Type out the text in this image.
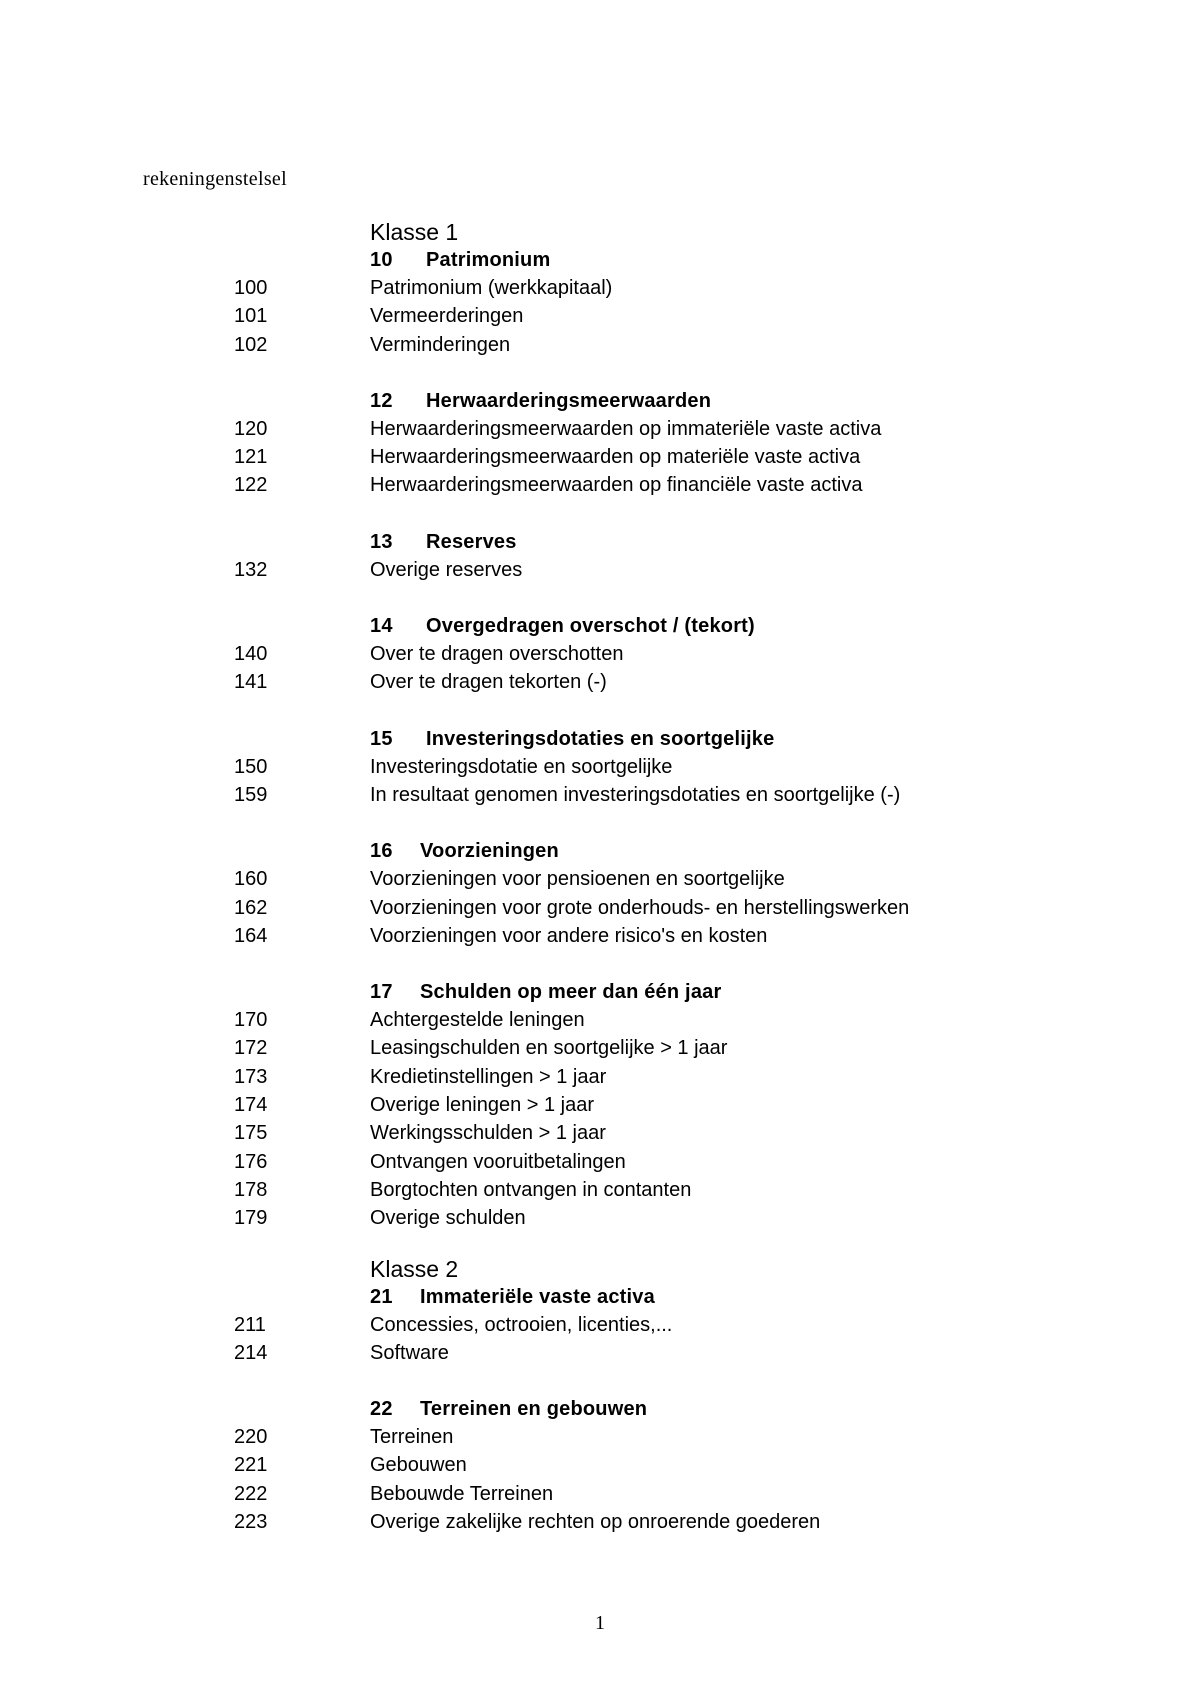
rekeningenstelsel
Klasse 1
10	Patrimonium
100	Patrimonium (werkkapitaal)
101	Vermeerderingen
102	Verminderingen
12	Herwaarderingsmeerwaarden
120	Herwaarderingsmeerwaarden op immateriële vaste activa
121	Herwaarderingsmeerwaarden op materiële vaste activa
122	Herwaarderingsmeerwaarden op financiële vaste activa
13	Reserves
132	Overige reserves
14	Overgedragen overschot / (tekort)
140	Over te dragen overschotten
141	Over te dragen tekorten (-)
15	Investeringsdotaties en soortgelijke
150	Investeringsdotatie en soortgelijke
159	In resultaat genomen investeringsdotaties en soortgelijke (-)
16	Voorzieningen
160	Voorzieningen voor pensioenen en soortgelijke
162	Voorzieningen voor grote onderhouds- en herstellingswerken
164	Voorzieningen voor andere risico's en kosten
17	Schulden op meer dan één jaar
170	Achtergestelde leningen
172	Leasingschulden en soortgelijke > 1 jaar
173	Kredietinstellingen > 1 jaar
174	Overige leningen > 1 jaar
175	Werkingsschulden > 1 jaar
176	Ontvangen vooruitbetalingen
178	Borgtochten ontvangen in contanten
179	Overige schulden
Klasse 2
21	Immateriële vaste activa
211	Concessies, octrooien, licenties,...
214	Software
22	Terreinen en gebouwen
220	Terreinen
221	Gebouwen
222	Bebouwde Terreinen
223	Overige zakelijke rechten op onroerende goederen
1
